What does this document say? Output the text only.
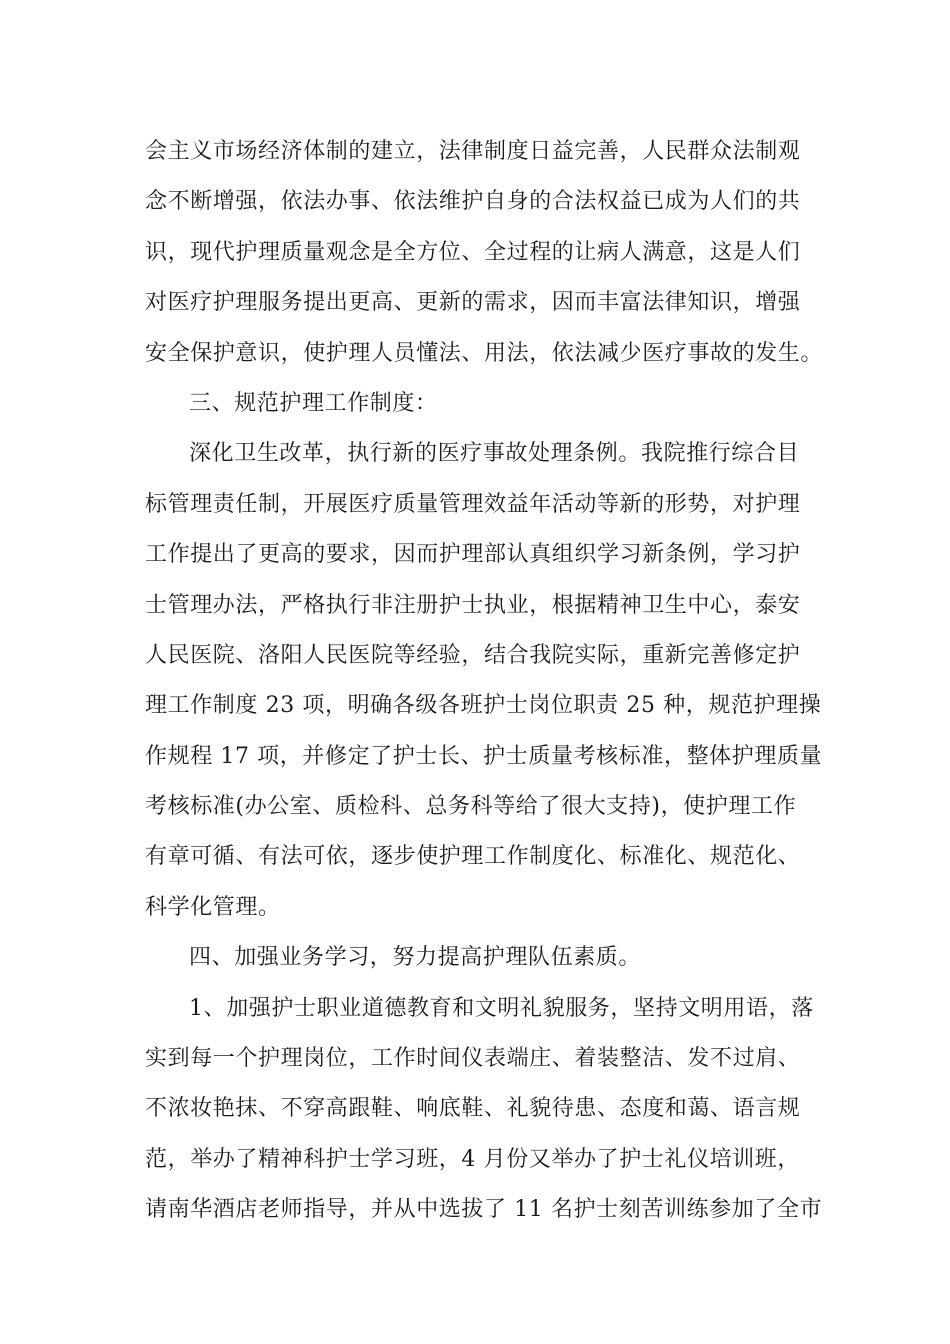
会主义市场经济体制的建立，法律制度日益完善，人民群众法制观
念不断增强，依法办事、依法维护自身的合法权益已成为人们的共
识，现代护理质量观念是全方位、全过程的让病人满意，这是人们
对医疗护理服务提出更高、更新的需求，因而丰富法律知识，增强
安全保护意识，使护理人员懂法、用法，依法减少医疗事故的发生。
三、规范护理工作制度：
深化卫生改革，执行新的医疗事故处理条例。我院推行综合目
标管理责任制，开展医疗质量管理效益年活动等新的形势，对护理
工作提出了更高的要求，因而护理部认真组织学习新条例，学习护
士管理办法，严格执行非注册护士执业，根据精神卫生中心，泰安
人民医院、洛阳人民医院等经验，结合我院实际，重新完善修定护
理工作制度 23 项，明确各级各班护士岗位职责 25 种，规范护理操
作规程 17 项，并修定了护士长、护士质量考核标准，整体护理质量
考核标准(办公室、质检科、总务科等给了很大支持)，使护理工作
有章可循、有法可依，逐步使护理工作制度化、标准化、规范化、
科学化管理。
四、加强业务学习，努力提高护理队伍素质。
1、加强护士职业道德教育和文明礼貌服务，坚持文明用语，落
实到每一个护理岗位，工作时间仪表端庄、着装整洁、发不过肩、
不浓妆艳抹、不穿高跟鞋、响底鞋、礼貌待患、态度和蔼、语言规
范，举办了精神科护士学习班，4 月份又举办了护士礼仪培训班，
请南华酒店老师指导，并从中选拔了 11 名护士刻苦训练参加了全市
